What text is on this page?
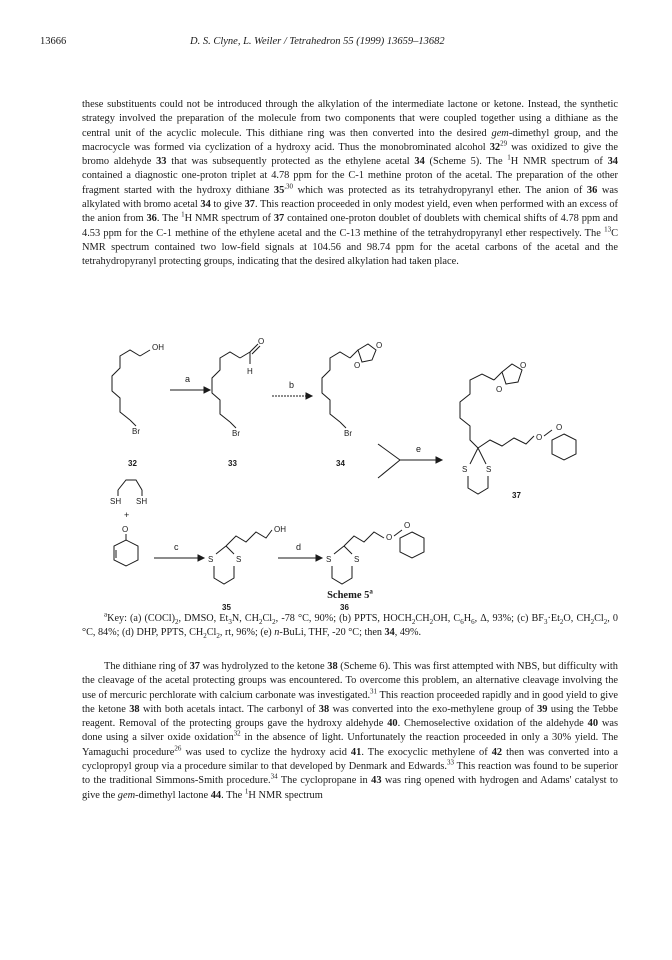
13666	D. S. Clyne, L. Weiler / Tetrahedron 55 (1999) 13659–13682
these substituents could not be introduced through the alkylation of the intermediate lactone or ketone. Instead, the synthetic strategy involved the preparation of the molecule from two components that were coupled together using a dithiane as the central unit of the acyclic molecule. This dithiane ring was then converted into the desired gem-dimethyl group, and the macrocycle was formed via cyclization of a hydroxy acid. Thus the monobrominated alcohol $32^{29}$ was oxidized to give the bromo aldehyde 33 that was subsequently protected as the ethylene acetal 34 (Scheme 5). The $^1$H NMR spectrum of 34 contained a diagnostic one-proton triplet at 4.78 ppm for the C-1 methine proton of the acetal. The preparation of the other fragment started with the hydroxy dithiane $35^{,30}$ which was protected as its tetrahydropyranyl ether. The anion of 36 was alkylated with bromo acetal 34 to give 37. This reaction proceeded in only modest yield, even when performed with an excess of the anion from 36. The $^1$H NMR spectrum of 37 contained one-proton doublet of doublets with chemical shifts of 4.78 ppm and 4.53 ppm for the C-1 methine of the ethylene acetal and the C-13 methine of the tetrahydropyranyl ether respectively. The $^{13}$C NMR spectrum contained two low-field signals at 104.56 and 98.74 ppm for the acetal carbons of the acetal and the tetrahydropyranyl protecting groups, indicating that the desired alkylation had taken place.
OH
Br
32
a
O
H
Br
33
b
O
O
Br
34
e
O
O
O
O
S S
37
SH SH
+
O
c
S	S
OH
35
d
S	S
O
O
36
Scheme 5$^a$
$^a$Key: (a) $(COCl)_2$, DMSO, $Et_3N$, $CH_2Cl_2$, -78 °C, 90%; (b) PPTS, $HOCH_2CH_2OH$, $C_6H_6$, Δ, 93%; (c) $BF_3\cdot Et_2O$, $CH_2Cl_2$, 0 °C, 84%; (d) DHP, PPTS, $CH_2Cl_2$, rt, 96%; (e) n-BuLi, THF, -20 °C; then 34, 49%.
The dithiane ring of 37 was hydrolyzed to the ketone 38 (Scheme 6). This was first attempted with NBS, but difficulty with the cleavage of the acetal protecting groups was encountered. To overcome this problem, an alternative cleavage involving the use of mercuric perchlorate with calcium carbonate was investigated.$^{31}$ This reaction proceeded rapidly and in good yield to give the ketone 38 with both acetals intact. The carbonyl of 38 was converted into the exo-methylene group of 39 using the Tebbe reagent. Removal of the protecting groups gave the hydroxy aldehyde 40. Chemoselective oxidation of the aldehyde 40 was done using a silver oxide oxidation$^{32}$ in the absence of light. Unfortunately the reaction proceeded in only a 30% yield. The Yamaguchi procedure$^{26}$ was used to cyclize the hydroxy acid 41. The exocyclic methylene of 42 then was converted into a cyclopropyl group via a procedure similar to that developed by Denmark and Edwards.$^{33}$ This reaction was found to be superior to the traditional Simmons-Smith procedure.$^{34}$ The cyclopropane in 43 was ring opened with hydrogen and Adams' catalyst to give the gem-dimethyl lactone 44. The $^1$H NMR spectrum
